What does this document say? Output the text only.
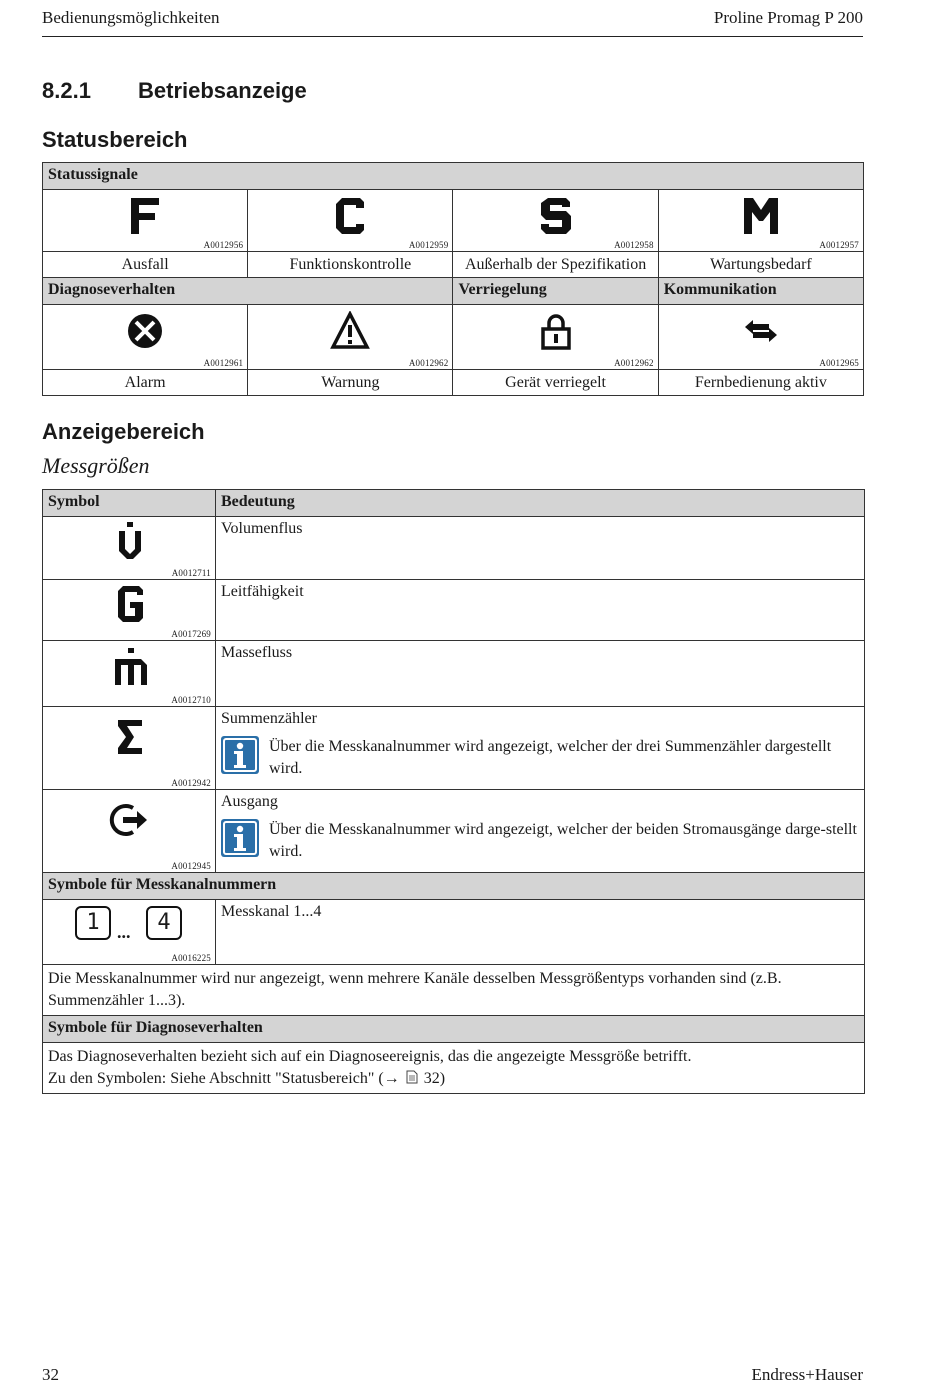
Bedienungsmöglichkeiten	Proline Promag P 200
8.2.1 Betriebsanzeige
Statusbereich
Statussignale			

A0012956	A0012959	A0012958	A0012957

Ausfall	Funktionskontrolle	Außerhalb der Spezifikation	Wartungsbedarf
Diagnoseverhalten		Verriegelung	Kommunikation

A0012961	A0012962	A0012962	A0012965

Alarm	Warnung	Gerät verriegelt	Fernbedienung aktiv
Anzeigebereich
Messgrößen
Symbol	Bedeutung

A0012711	Volumenflus

A0017269	Leitfähigkeit

A0012710	Massefluss

A0012942	Summenzähler
Über die Messkanalnummer wird angezeigt, welcher der drei Summenzähler dargestellt wird.

A0012945	Ausgang
Über die Messkanalnummer wird angezeigt, welcher der beiden Stromausgänge darge-stellt wird.

Symbole für Messkanalnummern	

1 ... 4
A0016225	Messkanal 1...4
Die Messkanalnummer wird nur angezeigt, wenn mehrere Kanäle desselben Messgrößentyps vorhanden sind (z.B. Summenzähler 1...3).	
Symbole für Diagnoseverhalten	

Das Diagnoseverhalten bezieht sich auf ein Diagnoseereignis, das die angezeigte Messgröße betrifft.
Zu den Symbolen: Siehe Abschnitt "Statusbereich" (→ 32)	
32	Endress+Hauser
